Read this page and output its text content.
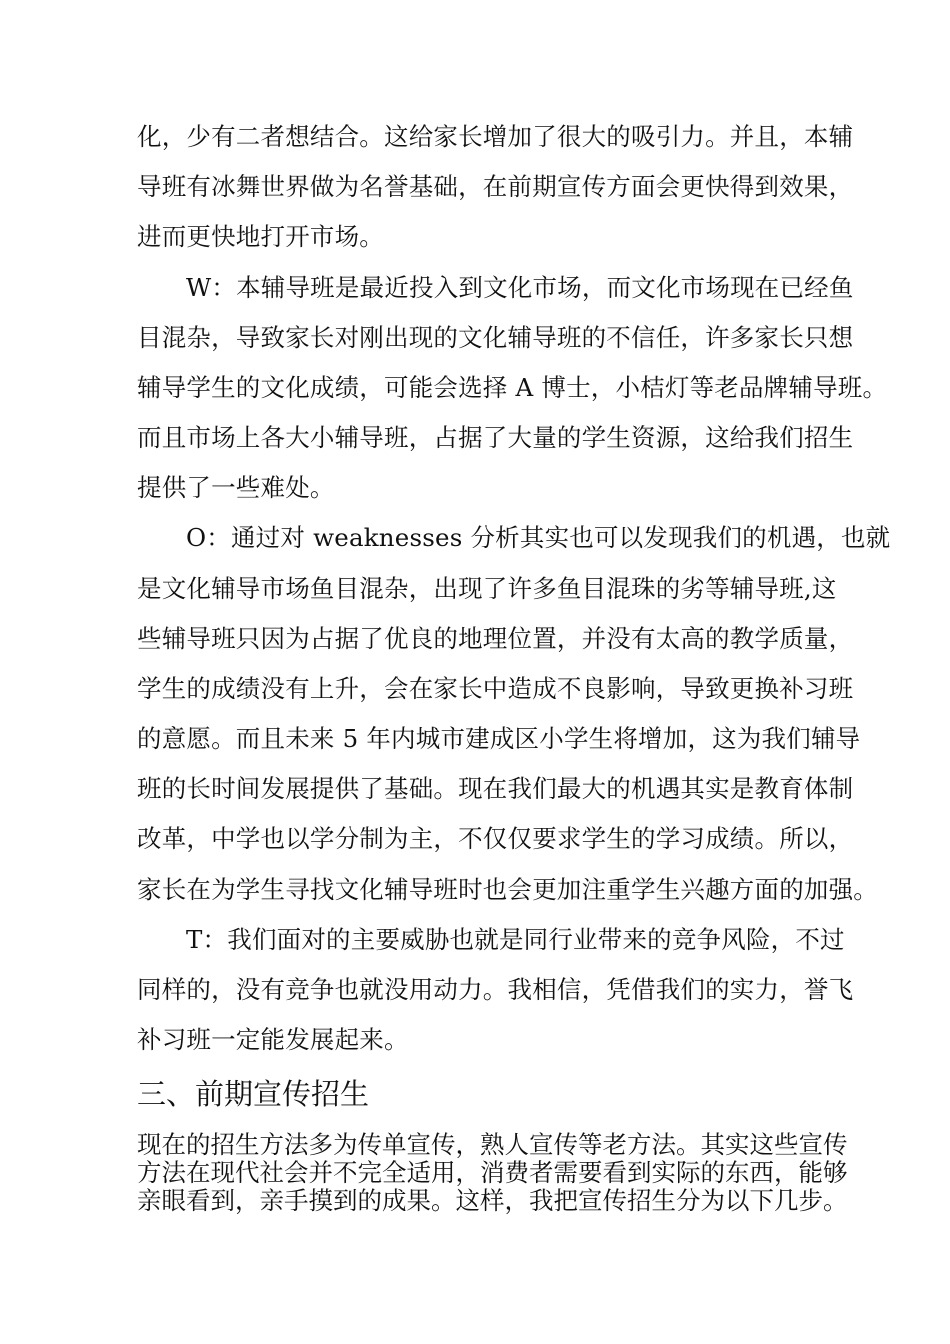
化，少有二者想结合。这给家长增加了很大的吸引力。并且，本辅
导班有冰舞世界做为名誉基础，在前期宣传方面会更快得到效果，
进而更快地打开市场。
W：本辅导班是最近投入到文化市场，而文化市场现在已经鱼
目混杂，导致家长对刚出现的文化辅导班的不信任，许多家长只想
辅导学生的文化成绩，可能会选择 A 博士，小桔灯等老品牌辅导班。
而且市场上各大小辅导班，占据了大量的学生资源，这给我们招生
提供了一些难处。
O：通过对 weaknesses 分析其实也可以发现我们的机遇，也就
是文化辅导市场鱼目混杂，出现了许多鱼目混珠的劣等辅导班,这
些辅导班只因为占据了优良的地理位置，并没有太高的教学质量，
学生的成绩没有上升，会在家长中造成不良影响，导致更换补习班
的意愿。而且未来 5 年内城市建成区小学生将增加，这为我们辅导
班的长时间发展提供了基础。现在我们最大的机遇其实是教育体制
改革，中学也以学分制为主，不仅仅要求学生的学习成绩。所以，
家长在为学生寻找文化辅导班时也会更加注重学生兴趣方面的加强。
T：我们面对的主要威胁也就是同行业带来的竞争风险，不过
同样的，没有竞争也就没用动力。我相信，凭借我们的实力，誉飞
补习班一定能发展起来。
三、前期宣传招生
现在的招生方法多为传单宣传，熟人宣传等老方法。其实这些宣传
方法在现代社会并不完全适用，消费者需要看到实际的东西，能够
亲眼看到，亲手摸到的成果。这样，我把宣传招生分为以下几步。
